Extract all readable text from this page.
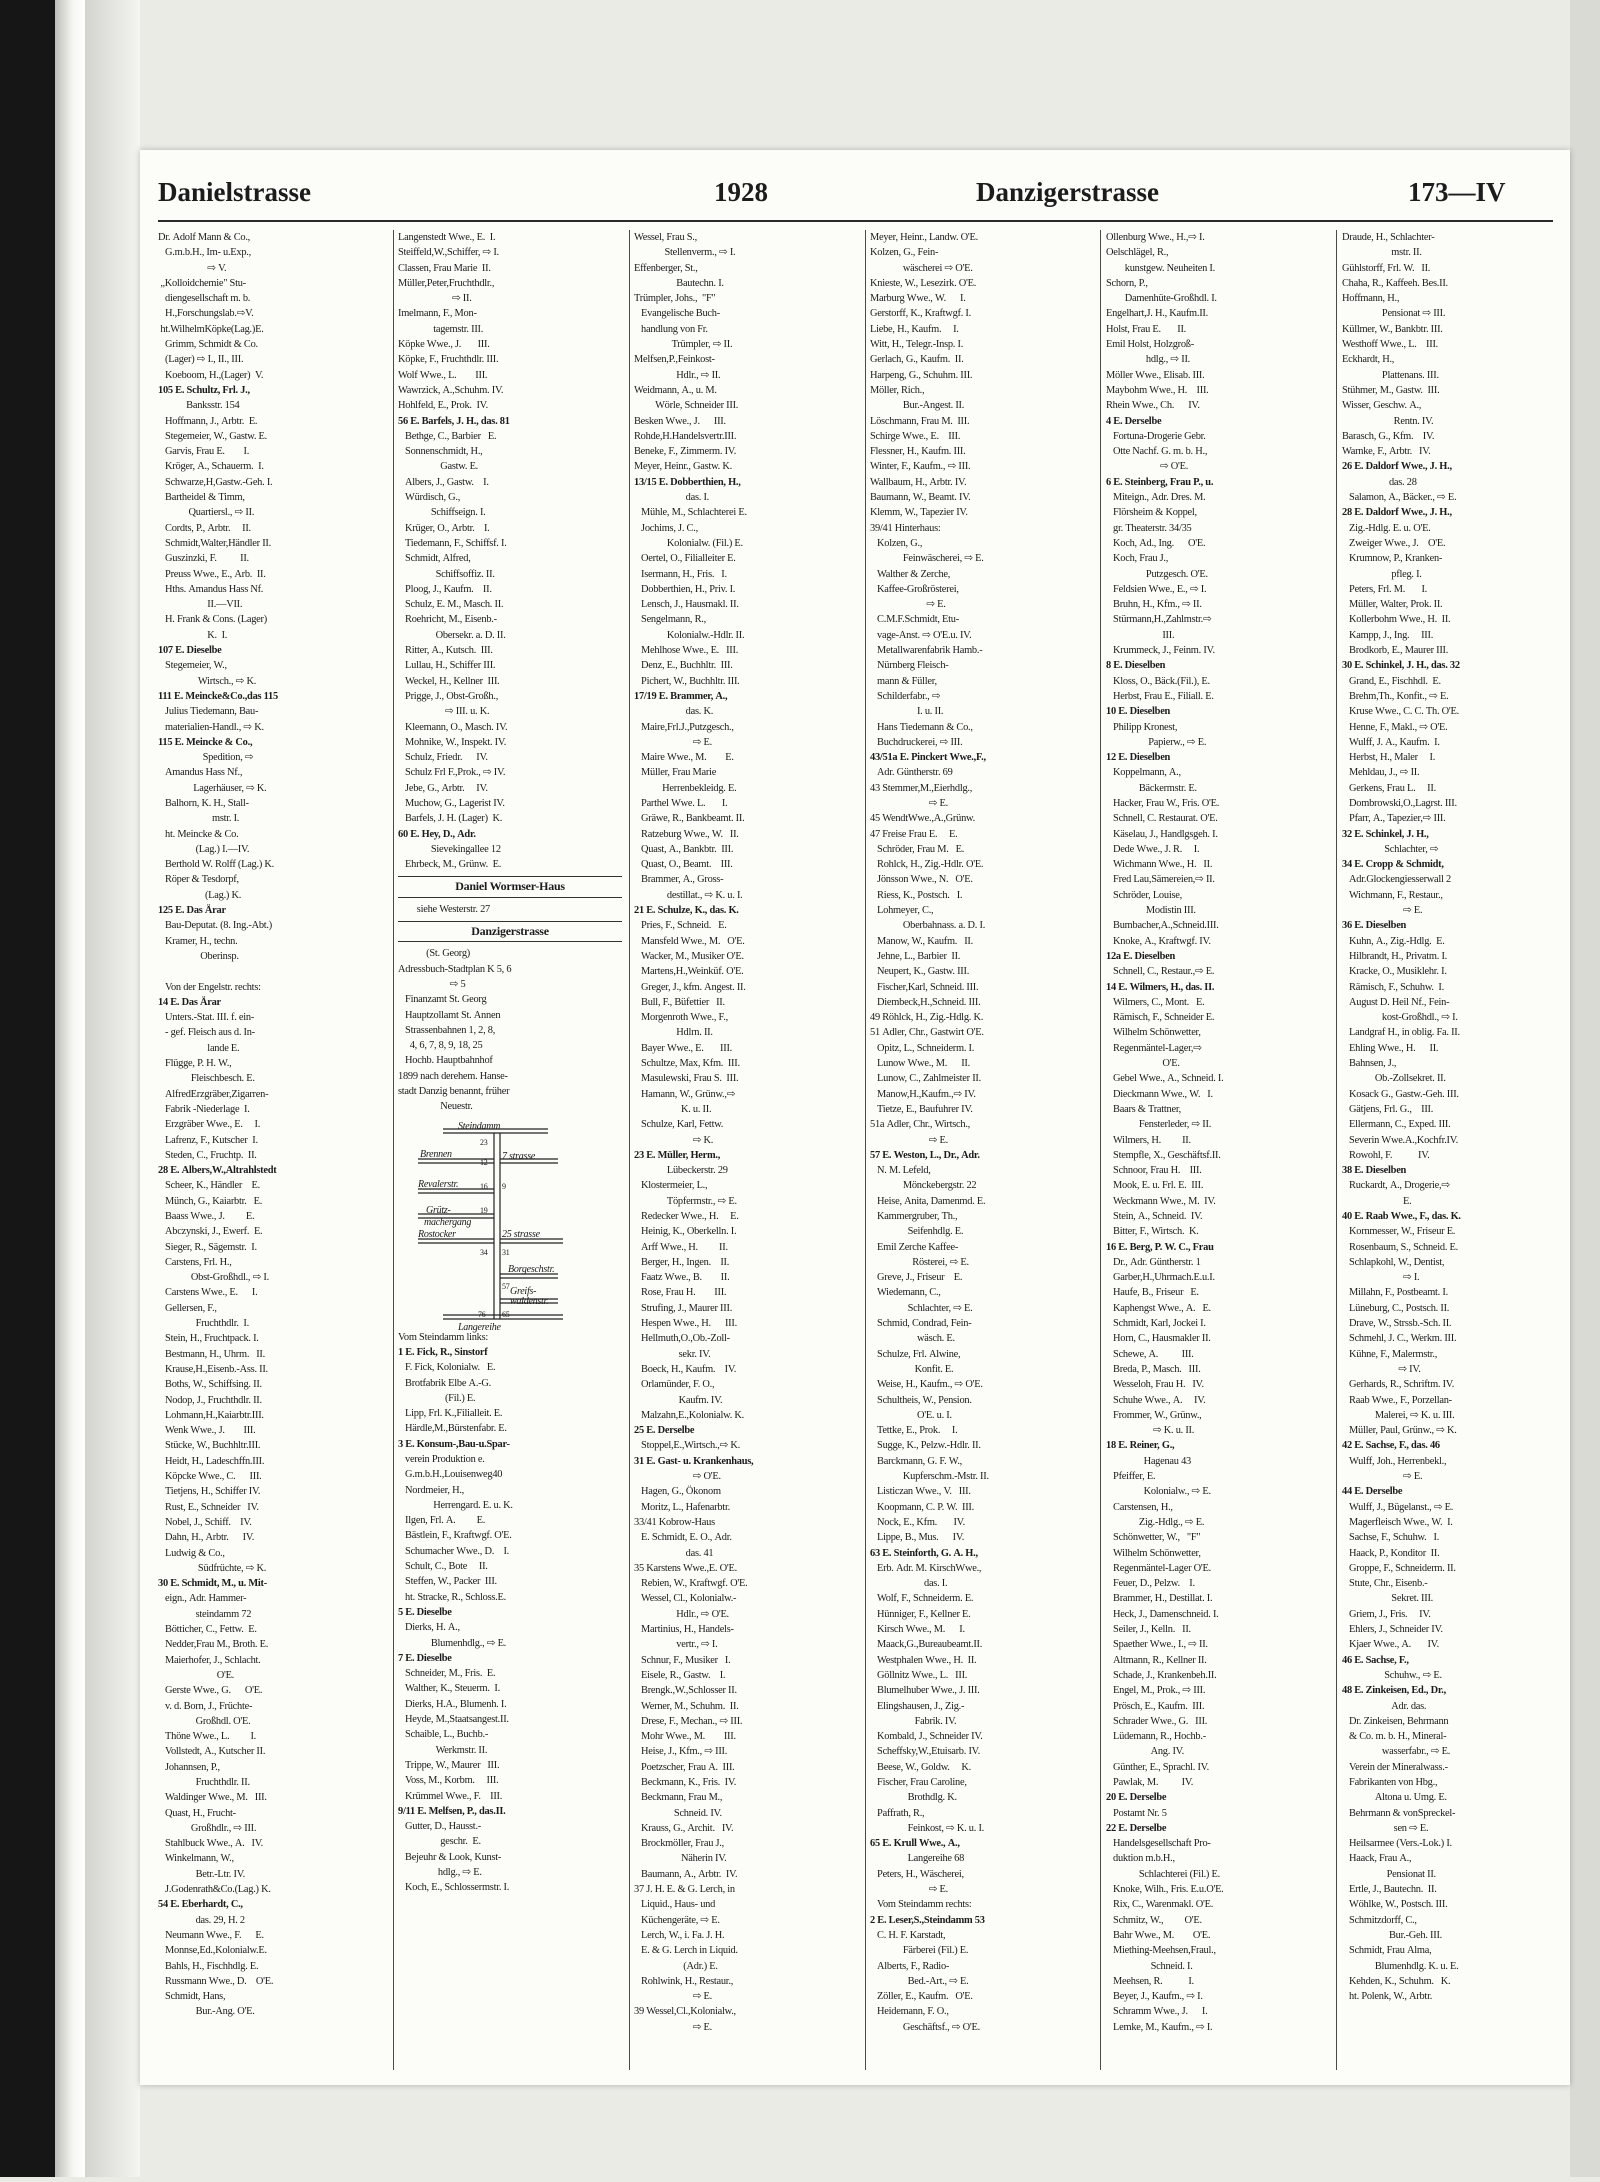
Danielstrasse	1928	Danzigerstrasse	173—IV
Dr. Adolf Mann & Co.,
G.m.b.H., Im- u.Exp.,
⇨ V.
„Kolloidchemie" Stu-
diengesellschaft m. b.
H.,Forschungslab.⇨V.
ht.WilhelmKöpke(Lag.)E.
Grimm, Schmidt & Co.
(Lager) ⇨ I., II., III.
Koeboom, H.,(Lager)  V.
105 E. Schultz, Frl. J.,
Banksstr. 154
Hoffmann, J., Arbtr.  E.
Stegemeier, W., Gastw. E.
Garvis, Frau E.        I.
Kröger, A., Schauerm.  I.
Schwarze,H,Gastw.-Geh. I.
Bartheidel & Timm,
Quartiersl., ⇨ II.
Cordts, P., Arbtr.     II.
Schmidt,Walter,Händler II.
Guszinzki, F.          II.
Preuss Wwe., E., Arb.  II.
Hths. Amandus Hass Nf.
II.—VII.
H. Frank & Cons. (Lager)
K.  I.
107 E. Dieselbe
Stegemeier, W.,
Wirtsch., ⇨ K.
111 E. Meincke&Co.,das 115
Julius Tiedemann, Bau-
materialien-Handl., ⇨ K.
115 E. Meincke & Co.,
Spedition, ⇨
Amandus Hass Nf.,
Lagerhäuser, ⇨ K.
Balhorn, K. H., Stall-
mstr. I.
ht. Meincke & Co.
(Lag.) I.—IV.
Berthold W. Rolff (Lag.) K.
Röper & Tesdorpf,
(Lag.) K.
125 E. Das Ärar
Bau-Deputat. (8. Ing.-Abt.)
Kramer, H., techn.
Oberinsp.

Von der Engelstr. rechts:
14 E. Das Ärar
Unters.-Stat. III. f. ein-
- gef. Fleisch aus d. In-
lande E.
Flügge, P. H. W.,
Fleischbesch. E.
AlfredErzgräber,Zigarren-
Fabrik -Niederlage  I.
Erzgräber Wwe., E.     I.
Lafrenz, F., Kutscher  I.
Steden, C., Fruchtp.  II.
28 E. Albers,W.,Altrahlstedt
Scheer, K., Händler    E.
Münch, G., Kaiarbtr.   E.
Baass Wwe., J.         E.
Abczynski, J., Ewerf.  E.
Sieger, R., Sägemstr.  I.
Carstens, Frl. H.,
Obst-Großhdl., ⇨ I.
Carstens Wwe., E.      I.
Gellersen, F.,
Fruchthdlr.  I.
Stein, H., Fruchtpack. I.
Bestmann, H., Uhrm.   II.
Krause,H.,Eisenb.-Ass. II.
Boths, W., Schiffsing. II.
Nodop, J., Fruchthdlr. II.
Lohmann,H.,Kaiarbtr.III.
Wenk Wwe., J.        III.
Stücke, W., Buchhltr.III.
Heidt, H., Ladeschffn.III.
Köpcke Wwe., C.      III.
Tietjens, H., Schiffer IV.
Rust, E., Schneider   IV.
Nobel, J., Schiff.    IV.
Dahn, H., Arbtr.      IV.
Ludwig & Co.,
Südfrüchte, ⇨ K.
30 E. Schmidt, M., u. Mit-
eign., Adr. Hammer-
steindamm 72
Bötticher, C., Fettw.  E.
Nedder,Frau M., Broth. E.
Maierhofer, J., Schlacht.
O'E.
Gerste Wwe., G.      O'E.
v. d. Born, J., Früchte-
Großhdl. O'E.
Thöne Wwe., L.         I.
Vollstedt, A., Kutscher II.
Johannsen, P.,
Fruchthdlr. II.
Waldinger Wwe., M.   III.
Quast, H., Frucht-
Großhdlr., ⇨ III.
Stahlbuck Wwe., A.   IV.
Winkelmann, W.,
Betr.-Ltr. IV.
J.Godenrath&Co.(Lag.) K.
54 E. Eberhardt, C.,
das. 29, H. 2
Neumann Wwe., F.      E.
Monnse,Ed.,Kolonialw.E.
Bahls, H., Fischhdlg. E.
Russmann Wwe., D.    O'E.
Schmidt, Hans,
Bur.-Ang. O'E.
Langenstedt Wwe., E.  I.
Steiffeld,W.,Schiffer, ⇨ I.
Classen, Frau Marie  II.
Müller,Peter,Fruchthdlr.,
⇨ II.
Imelmann, F., Mon-
tagemstr. III.
Köpke Wwe., J.       III.
Köpke, F., Fruchthdlr. III.
Wolf Wwe., L.        III.
Wawrzick, A.,Schuhm. IV.
Hohlfeld, E., Prok.  IV.
56 E. Barfels, J. H., das. 81
Bethge, C., Barbier   E.
Sonnenschmidt, H.,
Gastw. E.
Albers, J., Gastw.    I.
Würdisch, G.,
Schiffseign. I.
Krüger, O., Arbtr.    I.
Tiedemann, F., Schiffsf. I.
Schmidt, Alfred,
Schiffsoffiz. II.
Ploog, J., Kaufm.    II.
Schulz, E. M., Masch. II.
Roehricht, M., Eisenb.-
Obersekr. a. D. II.
Ritter, A., Kutsch.  III.
Lullau, H., Schiffer III.
Weckel, H., Kellner  III.
Prigge, J., Obst-Großh.,
⇨ III. u. K.
Kleemann, O., Masch. IV.
Mohnike, W., Inspekt. IV.
Schulz, Friedr.      IV.
Schulz Frl F.,Prok., ⇨ IV.
Jebe, G., Arbtr.     IV.
Muchow, G., Lagerist IV.
Barfels, J. H. (Lager)  K.
60 E. Hey, D., Adr.
Sievekingallee 12
Ehrbeck, M., Grünw.  E.
Daniel Wormser-Haus
siehe Westerstr. 27
Danzigerstrasse
(St. Georg)
Adressbuch-Stadtplan K 5, 6
⇨ 5
Finanzamt St. Georg
Hauptzollamt St. Annen
Strassenbahnen 1, 2, 8,
4, 6, 7, 8, 9, 18, 25
Hochb. Hauptbahnhof
1899 nach derehem. Hanse-
stadt Danzig benannt, früher
Neuestr.
Steindamm
Brennen	7 strasse
Revalerstr.
Grütz-
machergang
Rostocker	25 strasse
Borgeschstr.
Greifs-
waldenstr.
Langereihe
23
12
16
19
9
34 31
57
76 65
Vom Steindamm links:
1 E. Fick, R., Sinstorf
F. Fick, Kolonialw.   E.
Brotfabrik Elbe A.-G.
(Fil.) E.
Lipp, Frl. K.,Filialleit. E.
Härdle,M.,Bürstenfabr. E.
3 E. Konsum-,Bau-u.Spar-
verein Produktion e.
G.m.b.H.,Louisenweg40
Nordmeier, H.,
Herrengard. E. u. K.
Ilgen, Frl. A.         E.
Bästlein, F., Kraftwgf. O'E.
Schumacher Wwe., D.    I.
Schult, C., Bote     II.
Steffen, W., Packer  III.
ht. Stracke, R., Schloss.E.
5 E. Dieselbe
Dierks, H. A.,
Blumenhdlg., ⇨ E.
7 E. Dieselbe
Schneider, M., Fris.  E.
Walther, K., Steuerm.  I.
Dierks, H.A., Blumenh. I.
Heyde, M.,Staatsangest.II.
Schaible, L., Buchb.-
Werkmstr. II.
Trippe, W., Maurer   III.
Voss, M., Korbm.     III.
Krümmel Wwe., F.    III.
9/11 E. Melfsen, P., das.II.
Gutter, D., Hausst.-
geschr.  E.
Bejeuhr & Look, Kunst-
hdlg., ⇨ E.
Koch, E., Schlossermstr. I.
Wessel, Frau S.,
Stellenverm., ⇨ I.
Effenberger, St.,
Bautechn. I.
Trümpler, Johs.,  "F"
Evangelische Buch-
handlung von Fr.
Trümpler, ⇨ II.
Melfsen,P.,Feinkost-
Hdlr., ⇨ II.
Weidmann, A., u. M.
Wörle, Schneider III.
Besken Wwe., J.      III.
Rohde,H.Handelsvertr.III.
Beneke, F., Zimmerm. IV.
Meyer, Heinr., Gastw. K.
13/15 E. Dobberthien, H.,
das. I.
Mühle, M., Schlachterei E.
Jochims, J. C.,
Kolonialw. (Fil.) E.
Oertel, O., Filialleiter E.
Isermann, H., Fris.   I.
Dobberthien, H., Priv. I.
Lensch, J., Hausmakl. II.
Sengelmann, R.,
Kolonialw.-Hdlr. II.
Mehlhose Wwe., E.   III.
Denz, E., Buchhltr.  III.
Pichert, W., Buchhltr. III.
17/19 E. Brammer, A.,
das. K.
Maire,Frl.J.,Putzgesch.,
⇨ E.
Maire Wwe., M.        E.
Müller, Frau Marie
Herrenbekleidg. E.
Parthel Wwe. L.       I.
Gräwe, R., Bankbeamt. II.
Ratzeburg Wwe., W.   II.
Quast, A., Bankbtr.  III.
Quast, O., Beamt.    III.
Brammer, A., Gross-
destillat., ⇨ K. u. I.
21 E. Schulze, K., das. K.
Pries, F., Schneid.   E.
Mansfeld Wwe., M.   O'E.
Wacker, M., Musiker O'E.
Martens,H.,Weinküf. O'E.
Greger, J., kfm. Angest. II.
Bull, F., Büfettier   II.
Morgenroth Wwe., F.,
Hdlrn. II.
Bayer Wwe., E.       III.
Schultze, Max, Kfm.  III.
Masulewski, Frau S.  III.
Hamann, W., Grünw.,⇨
K. u. II.
Schulze, Karl, Fettw.
⇨ K.
23 E. Müller, Herm.,
Lübeckerstr. 29
Klostermeier, L.,
Töpfermstr., ⇨ E.
Redecker Wwe., H.     E.
Heinig, K., Oberkelln. I.
Arff Wwe., H.         II.
Berger, H., Ingen.    II.
Faatz Wwe., B.        II.
Rose, Frau H.        III.
Strufing, J., Maurer III.
Hespen Wwe., H.      III.
Hellmuth,O.,Ob.-Zoll-
sekr. IV.
Boeck, H., Kaufm.    IV.
Orlamünder, F. O.,
Kaufm. IV.
Malzahn,E.,Kolonialw. K.
25 E. Derselbe
Stoppel,E.,Wirtsch.,⇨ K.
31 E. Gast- u. Krankenhaus,
⇨ O'E.
Hagen, G., Ökonom
Moritz, L., Hafenarbtr.
33/41 Kobrow-Haus
E. Schmidt, E. O., Adr.
das. 41
35 Karstens Wwe.,E. O'E.
Rebien, W., Kraftwgf. O'E.
Wessel, Cl., Kolonialw.-
Hdlr., ⇨ O'E.
Martinius, H., Handels-
vertr., ⇨ I.
Schnur, F., Musiker   I.
Eisele, R., Gastw.    I.
Brengk.,W.,Schlosser II.
Werner, M., Schuhm.  II.
Drese, F., Mechan., ⇨ III.
Mohr Wwe., M.        III.
Heise, J., Kfm., ⇨ III.
Poetzscher, Frau A.  III.
Beckmann, K., Fris.  IV.
Beckmann, Frau M.,
Schneid. IV.
Krauss, G., Archit.   IV.
Brockmöller, Frau J.,
Näherin IV.
Baumann, A., Arbtr.  IV.
37 J. H. E. & G. Lerch, in
Liquid., Haus- und
Küchengeräte, ⇨ E.
Lerch, W., i. Fa. J. H.
E. & G. Lerch in Liquid.
(Adr.) E.
Rohlwink, H., Restaur.,
⇨ E.
39 Wessel,Cl.,Kolonialw.,
⇨ E.
Meyer, Heinr., Landw. O'E.
Kolzen, G., Fein-
wäscherei ⇨ O'E.
Knieste, W., Lesezirk. O'E.
Marburg Wwe., W.      I.
Gerstorff, K., Kraftwgf. I.
Liebe, H., Kaufm.     I.
Witt, H., Telegr.-Insp. I.
Gerlach, G., Kaufm.  II.
Harpeng, G., Schuhm. III.
Möller, Rich.,
Bur.-Angest. II.
Löschmann, Frau M.  III.
Schirge Wwe., E.    III.
Flessner, H., Kaufm. III.
Winter, F., Kaufm., ⇨ III.
Wallbaum, H., Arbtr. IV.
Baumann, W., Beamt. IV.
Klemm, W., Tapezier IV.
39/41 Hinterhaus:
Kolzen, G.,
Feinwäscherei, ⇨ E.
Walther & Zerche,
Kaffee-Großrösterei,
⇨ E.
C.M.F.Schmidt, Etu-
vage-Anst. ⇨ O'E.u. IV.
Metallwarenfabrik Hamb.-
Nürnberg Fleisch-
mann & Füller,
Schilderfabr., ⇨
I. u. II.
Hans Tiedemann & Co.,
Buchdruckerei, ⇨ III.
43/51a E. Pinckert Wwe.,F.,
Adr. Güntherstr. 69
43 Stemmer,M.,Eierhdlg.,
⇨ E.
45 WendtWwe.,A.,Grünw.
47 Freise Frau E.     E.
Schröder, Frau M.   E.
Rohlck, H., Zig.-Hdlr. O'E.
Jönsson Wwe., N.   O'E.
Riess, K., Postsch.   I.
Lohmeyer, C.,
Oberbahnass. a. D. I.
Manow, W., Kaufm.   II.
Jehne, L., Barbier  II.
Neupert, K., Gastw. III.
Fischer,Karl, Schneid. III.
Diembeck,H.,Schneid. III.
49 Röhlck, H., Zig.-Hdlg. K.
51 Adler, Chr., Gastwirt O'E.
Opitz, L., Schneiderm. I.
Lunow Wwe., M.      II.
Lunow, C., Zahlmeister II.
Manow,H.,Kaufm.,⇨ IV.
Tietze, E., Baufuhrer IV.
51a Adler, Chr., Wirtsch.,
⇨ E.
57 E. Weston, L., Dr., Adr.
N. M. Lefeld,
Mönckebergstr. 22
Heise, Anita, Damenmd. E.
Kammergruber, Th.,
Seifenhdlg. E.
Emil Zerche Kaffee-
Rösterei, ⇨ E.
Greve, J., Friseur    E.
Wiedemann, C.,
Schlachter, ⇨ E.
Schmid, Condrad, Fein-
wäsch. E.
Schulze, Frl. Alwine,
Konfit. E.
Weise, H., Kaufm., ⇨ O'E.
Schultheis, W., Pension.
O'E. u. I.
Tettke, E., Prok.     I.
Sugge, K., Pelzw.-Hdlr. II.
Barckmann, G. F. W.,
Kupferschm.-Mstr. II.
Listiczan Wwe., V.   III.
Koopmann, C. P. W.  III.
Nock, E., Kfm.       IV.
Lippe, B., Mus.      IV.
63 E. Steinforth, G. A. H.,
Erb. Adr. M. KirschWwe.,
das. I.
Wolf, F., Schneiderm. E.
Hünniger, F., Kellner E.
Kirsch Wwe., M.      I.
Maack,G.,Bureaubeamt.II.
Westphalen Wwe., H.  II.
Göllnitz Wwe., L.   III.
Blumelhuber Wwe., J. III.
Elingshausen, J., Zig.-
Fabrik. IV.
Kombald, J., Schneider IV.
Scheffsky,W.,Etuisarb. IV.
Beese, W., Goldw.     K.
Fischer, Frau Caroline,
Brothdlg. K.
Paffrath, R.,
Feinkost, ⇨ K. u. I.
65 E. Krull Wwe., A.,
Langereihe 68
Peters, H., Wäscherei,
⇨ E.
Vom Steindamm rechts:
2 E. Leser,S.,Steindamm 53
C. H. F. Karstadt,
Färberei (Fil.) E.
Alberts, F., Radio-
Bed.-Art., ⇨ E.
Zöller, E., Kaufm.   O'E.
Heidemann, F. O.,
Geschäftsf., ⇨ O'E.
Ollenburg Wwe., H.,⇨ I.
Oelschlägel, R.,
kunstgew. Neuheiten I.
Schorn, P.,
Damenhüte-Großhdl. I.
Engelhart,J. H., Kaufm.II.
Holst, Frau E.       II.
Emil Holst, Holzgroß-
hdlg., ⇨ II.
Möller Wwe., Elisab. III.
Maybohm Wwe., H.    III.
Rhein Wwe., Ch.      IV.
4 E. Derselbe
Fortuna-Drogerie Gebr.
Otte Nachf. G. m. b. H.,
⇨ O'E.
6 E. Steinberg, Frau P., u.
Miteign., Adr. Dres. M.
Flörsheim & Koppel,
gr. Theaterstr. 34/35
Koch, Ad., Ing.      O'E.
Koch, Frau J.,
Putzgesch. O'E.
Feldsien Wwe., E., ⇨ I.
Bruhn, H., Kfm., ⇨ II.
Stürmann,H.,Zahlmstr.⇨
III.
Krummeck, J., Feinm. IV.
8 E. Dieselben
Kloss, O., Bäck.(Fil.), E.
Herbst, Frau E., Filiall. E.
10 E. Dieselben
Philipp Kronest,
Papierw., ⇨ E.
12 E. Dieselben
Koppelmann, A.,
Bäckermstr. E.
Hacker, Frau W., Fris. O'E.
Schnell, C. Restaurat. O'E.
Käselau, J., Handlgsgeh. I.
Dede Wwe., J. R.     I.
Wichmann Wwe., H.   II.
Fred Lau,Sämereien,⇨ II.
Schröder, Louise,
Modistin III.
Bumbacher,A.,Schneid.III.
Knoke, A., Kraftwgf. IV.
12a E. Dieselben
Schnell, C., Restaur.,⇨ E.
14 E. Wilmers, H., das. II.
Wilmers, C., Mont.   E.
Rämisch, F., Schneider E.
Wilhelm Schönwetter,
Regenmäntel-Lager,⇨
O'E.
Gebel Wwe., A., Schneid. I.
Dieckmann Wwe., W.   I.
Baars & Trattner,
Fensterleder, ⇨ II.
Wilmers, H.         II.
Stempfle, X., Geschäftsf.II.
Schnoor, Frau H.    III.
Mook, E. u. Frl. E.  III.
Weckmann Wwe., M.  IV.
Stein, A., Schneid.  IV.
Bitter, F., Wirtsch.  K.
16 E. Berg, P. W. C., Frau
Dr., Adr. Güntherstr. 1
Garber,H.,Uhrmach.E.u.I.
Haufe, B., Friseur   E.
Kaphengst Wwe., A.   E.
Schmidt, Karl, Jockei I.
Horn, C., Hausmakler II.
Schewe, A.          III.
Breda, P., Masch.   III.
Wesseloh, Frau H.   IV.
Schuhe Wwe., A.     IV.
Frommer, W., Grünw.,
⇨ K. u. II.
18 E. Reiner, G.,
Hagenau 43
Pfeiffer, E.
Kolonialw., ⇨ E.
Carstensen, H.,
Zig.-Hdlg., ⇨ E.
Schönwetter, W.,   "F"
Wilhelm Schönwetter,
Regenmäntel-Lager O'E.
Feuer, D., Pelzw.    I.
Brammer, H., Destillat. I.
Heck, J., Damenschneid. I.
Seiler, J., Kelln.   II.
Spaether Wwe., I., ⇨ II.
Altmann, R., Kellner II.
Schade, J., Krankenbeh.II.
Engel, M., Prok., ⇨ III.
Prösch, E., Kaufm.  III.
Schrader Wwe., G.   III.
Lüdemann, R., Hochb.-
Ang. IV.
Günther, E., Sprachl. IV.
Pawlak, M.          IV.
20 E. Derselbe
Postamt Nr. 5
22 E. Derselbe
Handelsgesellschaft Pro-
duktion m.b.H.,
Schlachterei (Fil.) E.
Knoke, Wilh., Fris. E.u.O'E.
Rix, C., Warenmakl. O'E.
Schmitz, W.,         O'E.
Bahr Wwe., M.        O'E.
Miething-Meehsen,Fraul.,
Schneid. I.
Meehsen, R.           I.
Beyer, J., Kaufm., ⇨ I.
Schramm Wwe., J.      I.
Lemke, M., Kaufm., ⇨ I.
Draude, H., Schlachter-
mstr. II.
Gühlstorff, Frl. W.   II.
Chaha, R., Kaffeeh. Bes.II.
Hoffmann, H.,
Pensionat ⇨ III.
Küllmer, W., Bankbtr. III.
Westhoff Wwe., L.    III.
Eckhardt, H.,
Plattenans. III.
Stühmer, M., Gastw.  III.
Wisser, Geschw. A.,
Rentn. IV.
Barasch, G., Kfm.    IV.
Warnke, F., Arbtr.   IV.
26 E. Daldorf Wwe., J. H.,
das. 28
Salamon, A., Bäcker., ⇨ E.
28 E. Daldorf Wwe., J. H.,
Zig.-Hdlg. E. u. O'E.
Zweiger Wwe., J.    O'E.
Krumnow, P., Kranken-
pfleg. I.
Peters, Frl. M.       I.
Müller, Walter, Prok. II.
Kollerbohm Wwe., H.  II.
Kampp, J., Ing.     III.
Brodkorb, E., Maurer III.
30 E. Schinkel, J. H., das. 32
Grand, E., Fischhdl.  E.
Brehm,Th., Konfit., ⇨ E.
Kruse Wwe., C. C. Th. O'E.
Henne, F., Makl., ⇨ O'E.
Wulff, J. A., Kaufm.  I.
Herbst, H., Maler     I.
Mehldau, J., ⇨ II.
Gerkens, Frau L.     II.
Dombrowski,O.,Lagrst. III.
Pfarr, A., Tapezier,⇨ III.
32 E. Schinkel, J. H.,
Schlachter, ⇨
34 E. Cropp & Schmidt,
Adr.Glockengiesserwall 2
Wichmann, F., Restaur.,
⇨ E.
36 E. Dieselben
Kuhn, A., Zig.-Hdlg.  E.
Hilbrandt, H., Privatm. I.
Kracke, O., Musiklehr. I.
Rämisch, F., Schuhw.  I.
August D. Heil Nf., Fein-
kost-Großhdl., ⇨ I.
Landgraf H., in oblig. Fa. II.
Ehling Wwe., H.      II.
Bahnsen, J.,
Ob.-Zollsekret. II.
Kosack G., Gastw.-Geh. III.
Gätjens, Frl. G.,    III.
Ellermann, C., Exped. III.
Severin Wwe.A.,Kochfr.IV.
Rowohl, F.           IV.
38 E. Dieselben
Ruckardt, A., Drogerie,⇨
E.
40 E. Raab Wwe., F., das. K.
Kornmesser, W., Friseur E.
Rosenbaum, S., Schneid. E.
Schlapkohl, W., Dentist,
⇨ I.
Millahn, F., Postbeamt. I.
Lüneburg, C., Postsch. II.
Drave, W., Strssb.-Sch. II.
Schmehl, J. C., Werkm. III.
Kühne, F., Malermstr.,
⇨ IV.
Gerhards, R., Schriftm. IV.
Raab Wwe., F., Porzellan-
Malerei, ⇨ K. u. III.
Müller, Paul, Grünw., ⇨ K.
42 E. Sachse, F., das. 46
Wulff, Joh., Herrenbekl.,
⇨ E.
44 E. Derselbe
Wulff, J., Bügelanst., ⇨ E.
Magerfleisch Wwe., W.  I.
Sachse, F., Schuhw.   I.
Haack, P., Konditor  II.
Groppe, F., Schneiderm. II.
Stute, Chr., Eisenb.-
Sekret. III.
Griem, J., Fris.     IV.
Ehlers, J., Schneider IV.
Kjaer Wwe., A.       IV.
46 E. Sachse, F.,
Schuhw., ⇨ E.
48 E. Zinkeisen, Ed., Dr.,
Adr. das.
Dr. Zinkeisen, Behrmann
& Co. m. b. H., Mineral-
wasserfabr., ⇨ E.
Verein der Mineralwass.-
Fabrikanten von Hbg.,
Altona u. Umg. E.
Behrmann & vonSpreckel-
sen ⇨ E.
Heilsarmee (Vers.-Lok.) I.
Haack, Frau A.,
Pensionat II.
Ertle, J., Bautechn.  II.
Wöhlke, W., Postsch. III.
Schmitzdorff, C.,
Bur.-Geh. III.
Schmidt, Frau Alma,
Blumenhdlg. K. u. E.
Kehden, K., Schuhm.   K.
ht. Polenk, W., Arbtr.
